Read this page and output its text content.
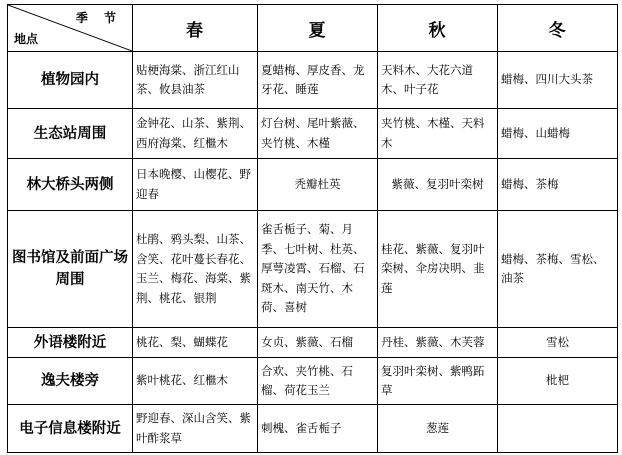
季 节
地点	春	夏	秋	冬
植物园内	贴梗海棠、浙江红山茶、攸县油茶	夏蜡梅、厚皮香、龙牙花、睡莲	天料木、大花六道木、叶子花	蜡梅、四川大头茶
生态站周围	金钟花、山茶、紫荆、西府海棠、红檵木	灯台树、尾叶紫薇、夹竹桃、木槿	夹竹桃、木槿、天料木	蜡梅、山蜡梅
林大桥头两侧	日本晚樱、山樱花、野迎春	秃瓣杜英	紫薇、复羽叶栾树	蜡梅、茶梅
图书馆及前面广场周围	杜鹃、鸦头梨、山茶、含笑、花叶蔓长春花、玉兰、梅花、海棠、紫荆、桃花、银荆	雀舌栀子、菊、月季、七叶树、杜英、厚萼凌霄、石榴、石斑木、南天竹、木荷、喜树	桂花、紫薇、复羽叶栾树、伞房决明、韭莲	蜡梅、茶梅、雪松、油茶
外语楼附近	桃花、梨、蝴蝶花	女贞、紫薇、石榴	丹桂、紫薇、木芙蓉	雪松
逸夫楼旁	紫叶桃花、红檵木	合欢、夹竹桃、石榴、荷花玉兰	复羽叶栾树、紫鸭跖草	枇杷
电子信息楼附近	野迎春、深山含笑、紫叶酢浆草	刺槐、雀舌栀子	葱莲	
